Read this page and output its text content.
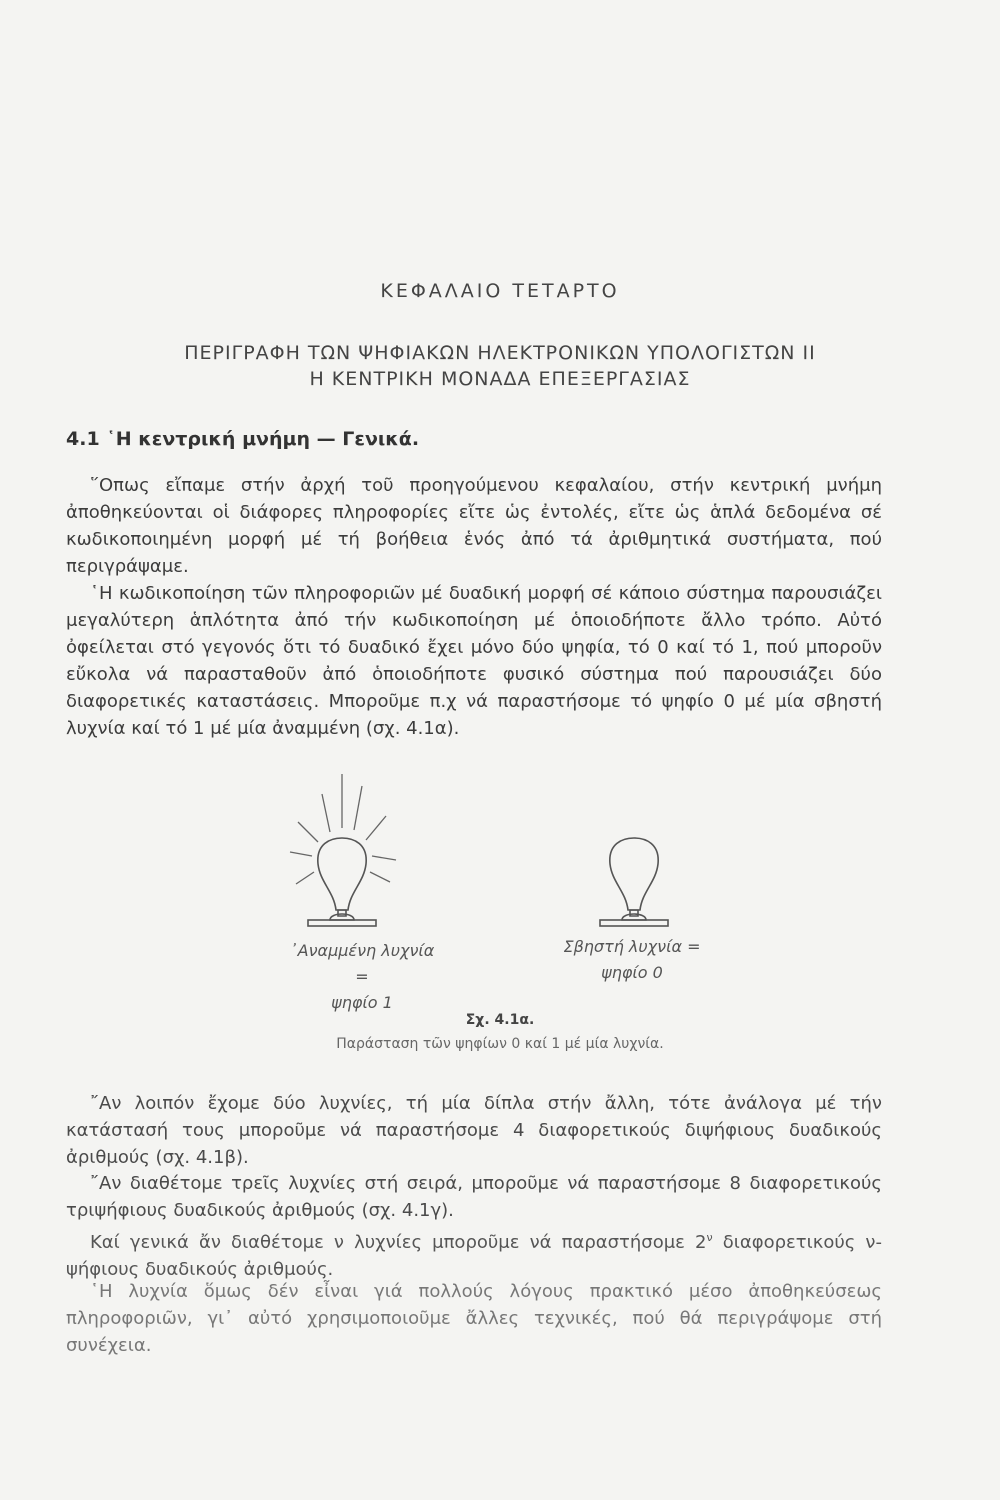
ΚΕΦΑΛΑΙΟ ΤΕΤΑΡΤΟ
ΠΕΡΙΓΡΑΦΗ ΤΩΝ ΨΗΦΙΑΚΩΝ ΗΛΕΚΤΡΟΝΙΚΩΝ ΥΠΟΛΟΓΙΣΤΩΝ ΙΙ
Η ΚΕΝΤΡΙΚΗ ΜΟΝΑΔΑ ΕΠΕΞΕΡΓΑΣΙΑΣ
4.1 ῾Η κεντρική μνήμη — Γενικά.
῞Οπως εἴπαμε στήν ἀρχή τοῦ προηγούμενου κεφαλαίου, στήν κεντρική μνήμη ἀποθηκεύονται οἱ διάφορες πληροφορίες εἴτε ὡς ἐντολές, εἴτε ὡς ἁπλά δεδομένα σέ κωδικοποιημένη μορφή μέ τή βοήθεια ἑνός ἀπό τά ἀριθμητικά συστήματα, πού περιγράψαμε.
῾Η κωδικοποίηση τῶν πληροφοριῶν μέ δυαδική μορφή σέ κάποιο σύστημα παρουσιάζει μεγαλύτερη ἁπλότητα ἀπό τήν κωδικοποίηση μέ ὁποιοδήποτε ἄλλο τρόπο. Αὐτό ὀφείλεται στό γεγονός ὅτι τό δυαδικό ἔχει μόνο δύο ψηφία, τό 0 καί τό 1, πού μποροῦν εὔκολα νά παρασταθοῦν ἀπό ὁποιοδήποτε φυσικό σύστημα πού παρουσιάζει δύο διαφορετικές καταστάσεις. Μποροῦμε π.χ νά παραστήσομε τό ψηφίο 0 μέ μία σβηστή λυχνία καί τό 1 μέ μία ἀναμμένη (σχ. 4.1α).
᾿Αναμμένη λυχνία =
ψηφίο 1
Σβηστή λυχνία =
ψηφίο 0
Σχ. 4.1α.
Παράσταση τῶν ψηφίων 0 καί 1 μέ μία λυχνία.
῎Αν λοιπόν ἔχομε δύο λυχνίες, τή μία δίπλα στήν ἄλλη, τότε ἀνάλογα μέ τήν κατάστασή τους μποροῦμε νά παραστήσομε 4 διαφορετικούς διψήφιους δυαδικούς ἀριθμούς (σχ. 4.1β).
῎Αν διαθέτομε τρεῖς λυχνίες στή σειρά, μποροῦμε νά παραστήσομε 8 διαφορετικούς τριψήφιους δυαδικούς ἀριθμούς (σχ. 4.1γ).
Καί γενικά ἄν διαθέτομε ν λυχνίες μποροῦμε νά παραστήσομε $2^\nu$ διαφορετικούς ν-ψήφιους δυαδικούς ἀριθμούς.
῾Η λυχνία ὅμως δέν εἶναι γιά πολλούς λόγους πρακτικό μέσο ἀποθηκεύσεως πληροφοριῶν, γι᾿ αὐτό χρησιμοποιοῦμε ἄλλες τεχνικές, πού θά περιγράψομε στή συνέχεια.
